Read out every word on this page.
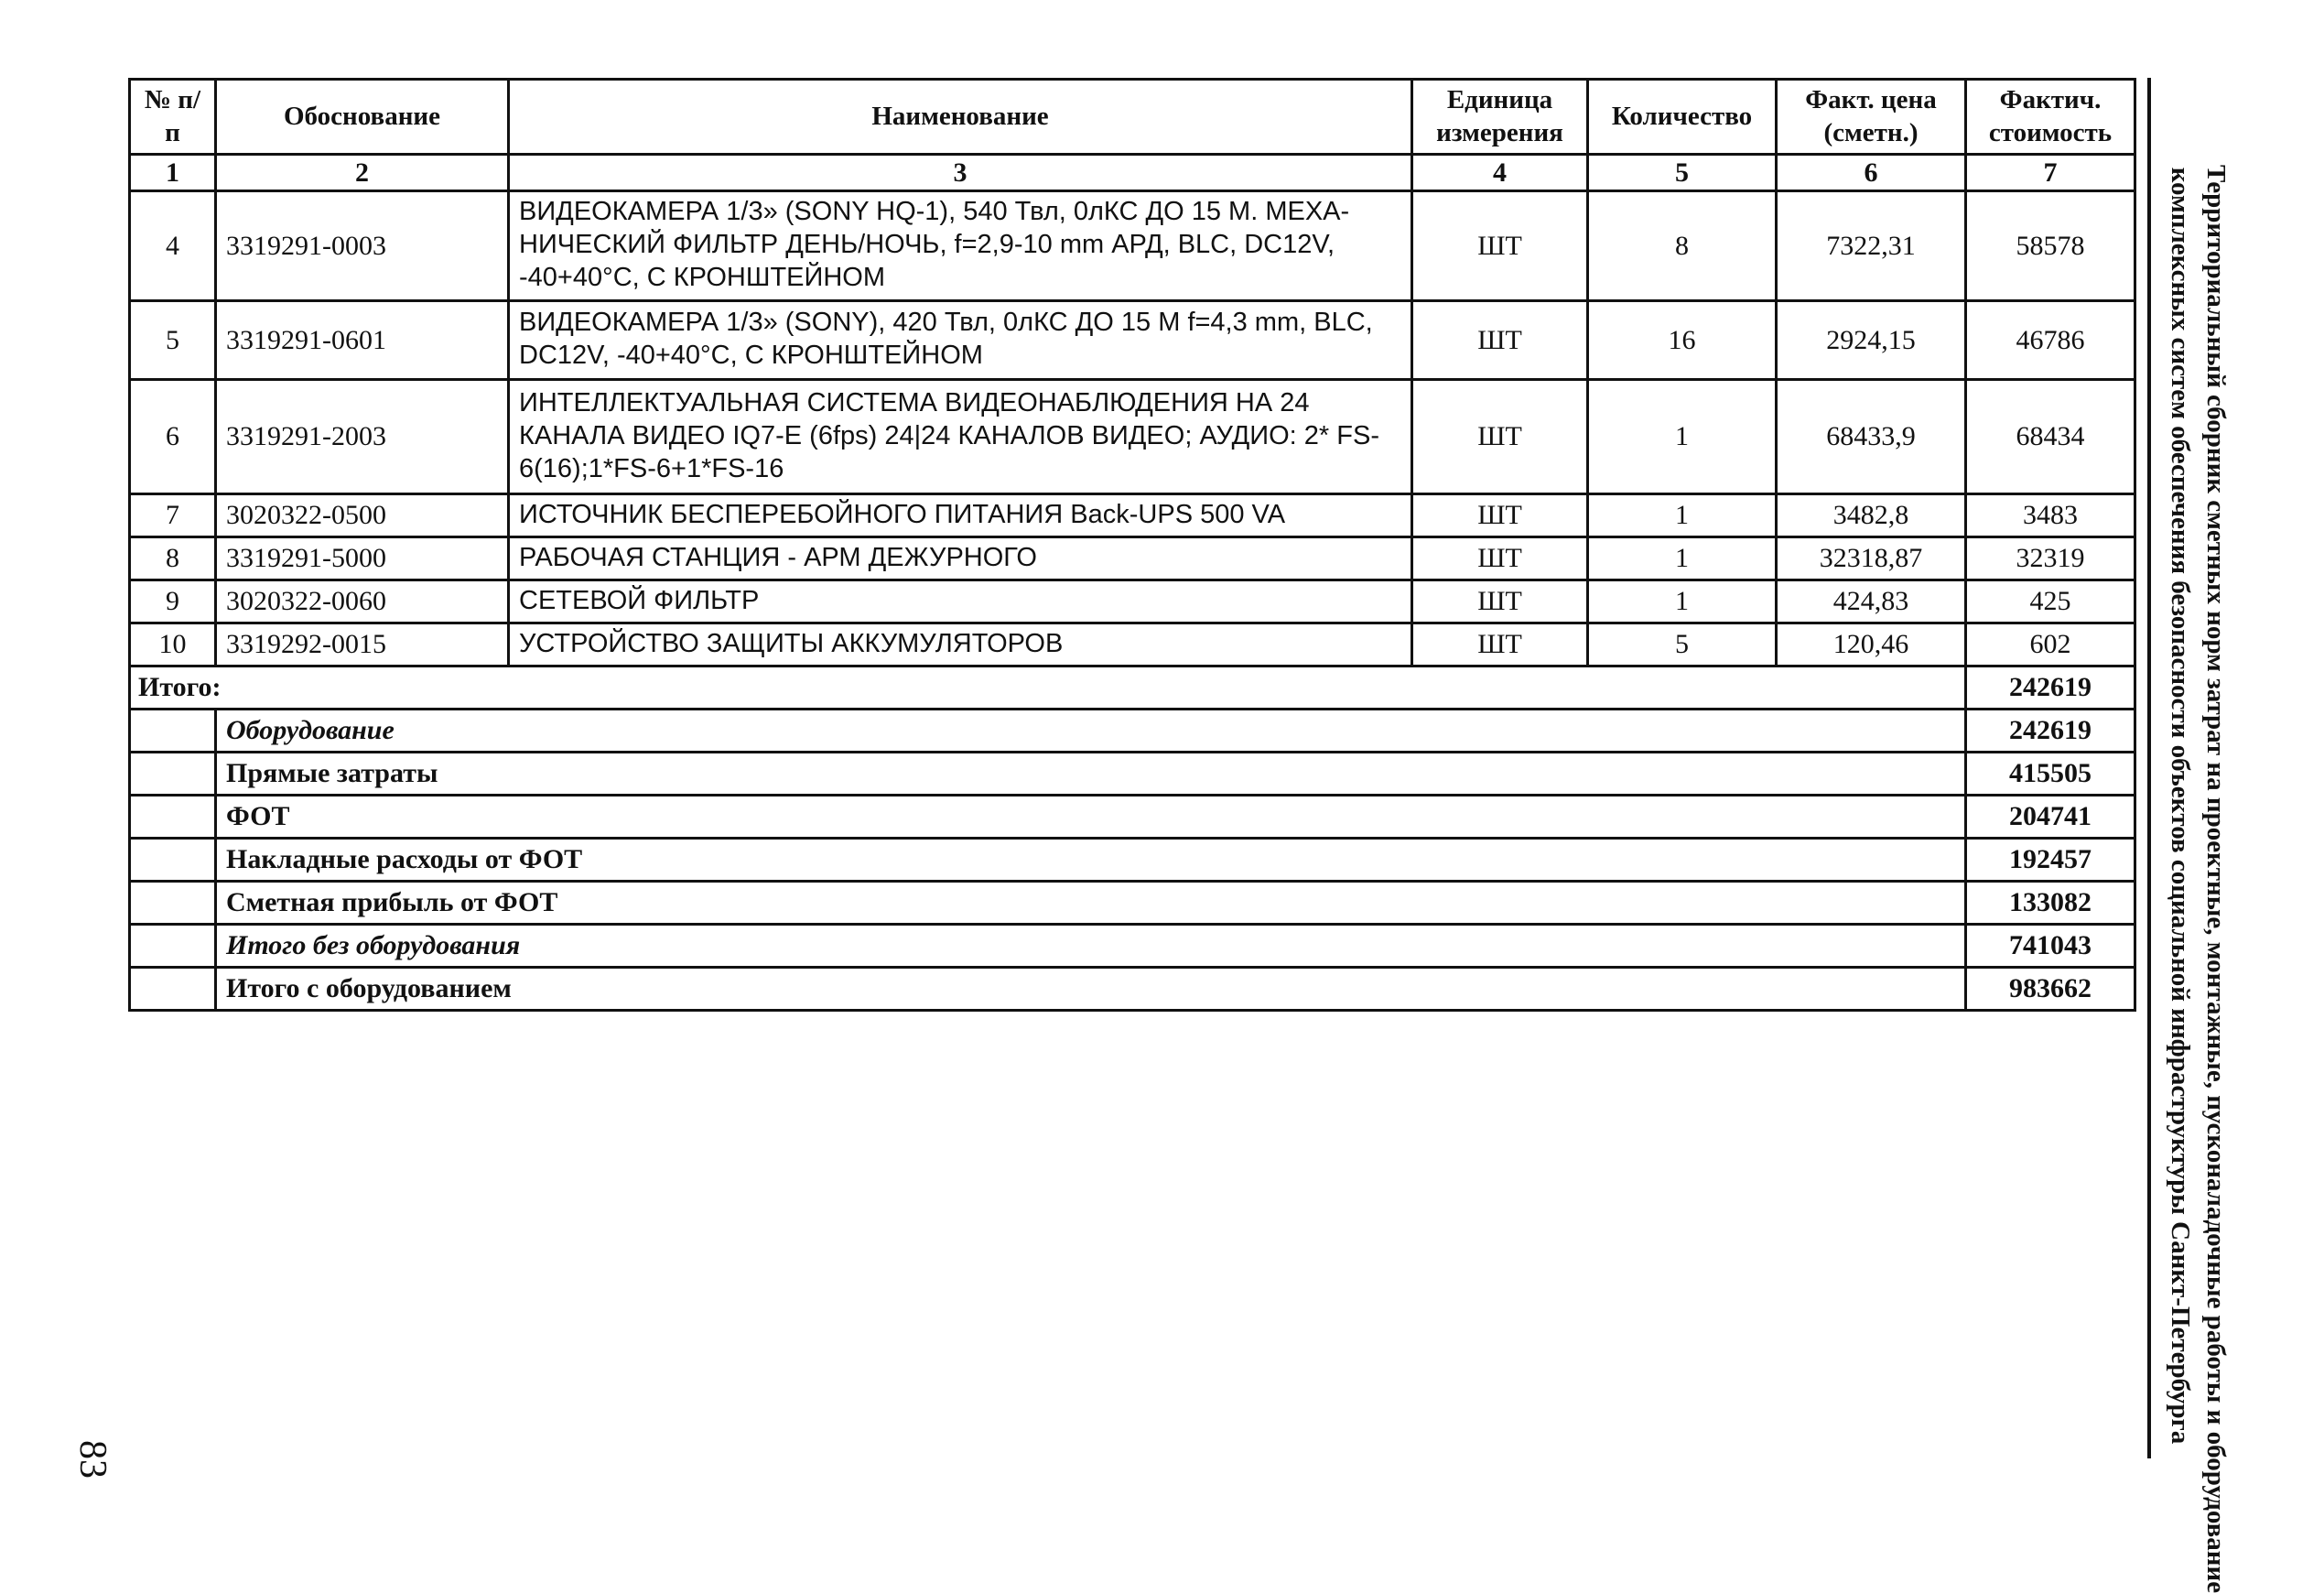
№ п/п	Обоснование	Наименование	Единица измерения	Количество	Факт. цена (сметн.)	Фактич. стоимость
1	2	3	4	5	6	7
4	3319291-0003	ВИДЕОКАМЕРА 1/3» (SONY HQ-1), 540 Твл, 0лКС ДО 15 М. МЕХА-НИЧЕСКИЙ ФИЛЬТР ДЕНЬ/НОЧЬ, f=2,9-10 mm АРД, BLC, DC12V, -40+40°С, С КРОНШТЕЙНОМ	ШТ	8	7322,31	58578
5	3319291-0601	ВИДЕОКАМЕРА 1/3» (SONY), 420 Твл, 0лКС ДО 15 М f=4,3 mm, BLC, DC12V, -40+40°С, С КРОНШТЕЙНОМ	ШТ	16	2924,15	46786
6	3319291-2003	ИНТЕЛЛЕКТУАЛЬНАЯ СИСТЕМА ВИДЕОНАБЛЮДЕНИЯ НА 24 КАНАЛА ВИДЕО IQ7-E (6fps) 24|24 КАНАЛОВ ВИДЕО; АУДИО: 2* FS-6(16);1*FS-6+1*FS-16	ШТ	1	68433,9	68434
7	3020322-0500	ИСТОЧНИК БЕСПЕРЕБОЙНОГО ПИТАНИЯ Back-UPS 500 VA	ШТ	1	3482,8	3483
8	3319291-5000	РАБОЧАЯ СТАНЦИЯ - АРМ ДЕЖУРНОГО	ШТ	1	32318,87	32319
9	3020322-0060	СЕТЕВОЙ ФИЛЬТР	ШТ	1	424,83	425
10	3319292-0015	УСТРОЙСТВО ЗАЩИТЫ АККУМУЛЯТОРОВ	ШТ	5	120,46	602
Итого:						242619
	Оборудование					242619
	Прямые затраты					415505
	ФОТ					204741
	Накладные расходы от ФОТ					192457
	Сметная прибыль от ФОТ					133082
	Итого без оборудования					741043
	Итого с оборудованием					983662	Территориальный сборник сметных норм затрат на проектные, монтажные, пусконаладочные работы и оборудование
комплексных систем обеспечения безопасности объектов социальной инфраструктуры Санкт-Петербурга
83
